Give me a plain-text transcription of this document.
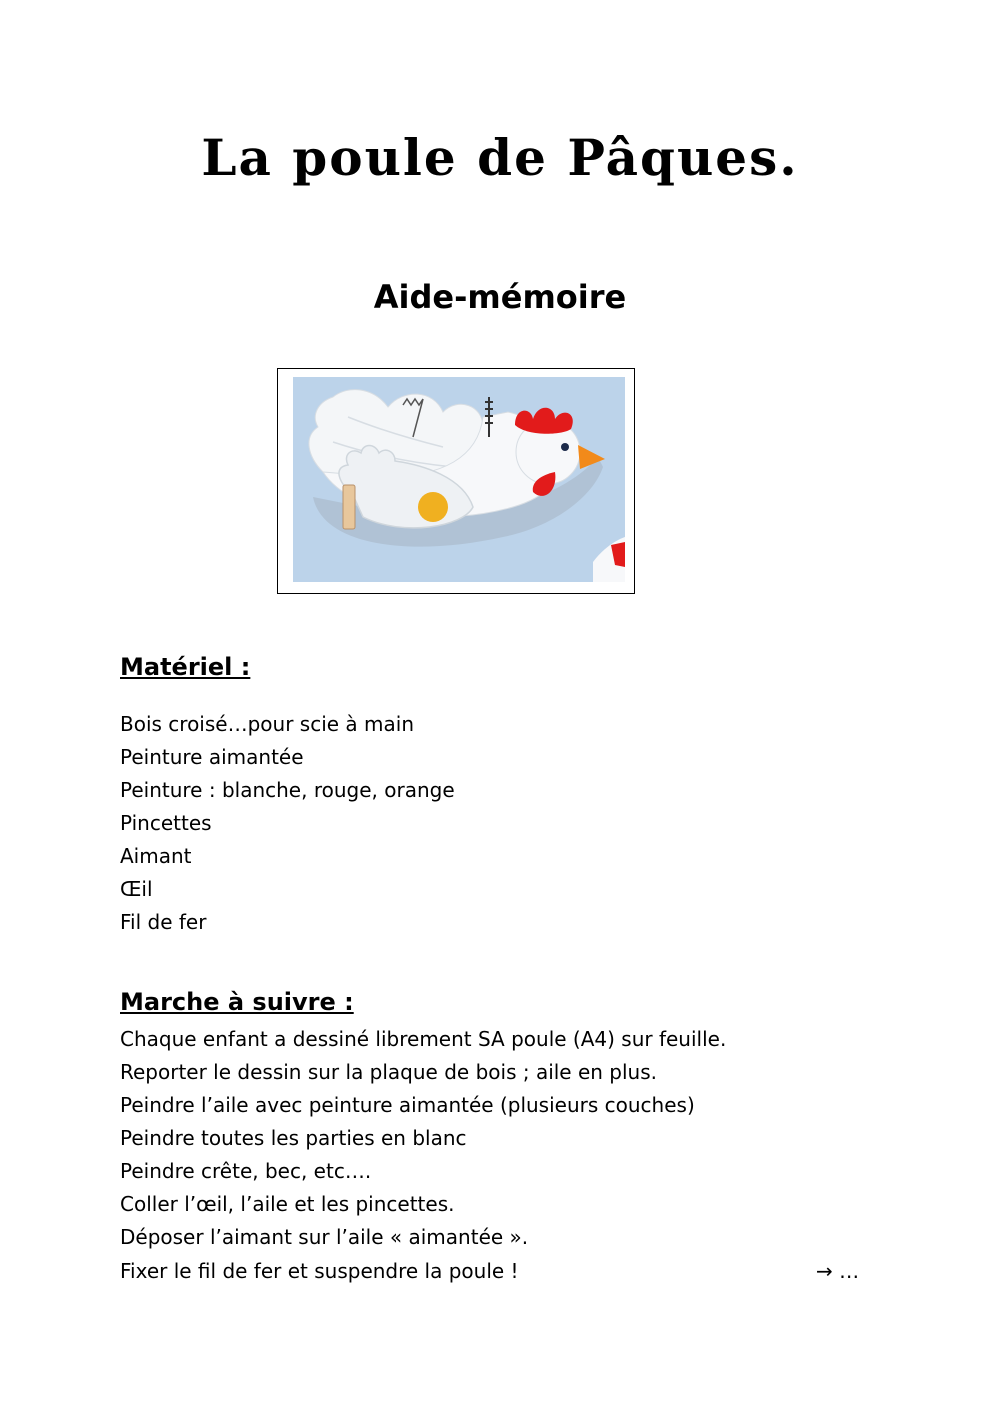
La poule de Pâques.
Aide-mémoire
Matériel :

Bois croisé…pour scie à main

Peinture aimantée

Peinture : blanche, rouge, orange

Pincettes

Aimant

Œil

Fil de fer

Marche à suivre :

Chaque enfant a dessiné librement SA poule (A4) sur feuille.

Reporter le dessin sur la plaque de bois ; aile en plus.

Peindre l’aile avec peinture aimantée (plusieurs couches)

Peindre toutes les parties en blanc

Peindre crête, bec, etc….

Coller l’œil, l’aile et les pincettes.

Déposer l’aimant sur l’aile « aimantée ».

Fixer le fil de fer et suspendre la poule !	→ …
